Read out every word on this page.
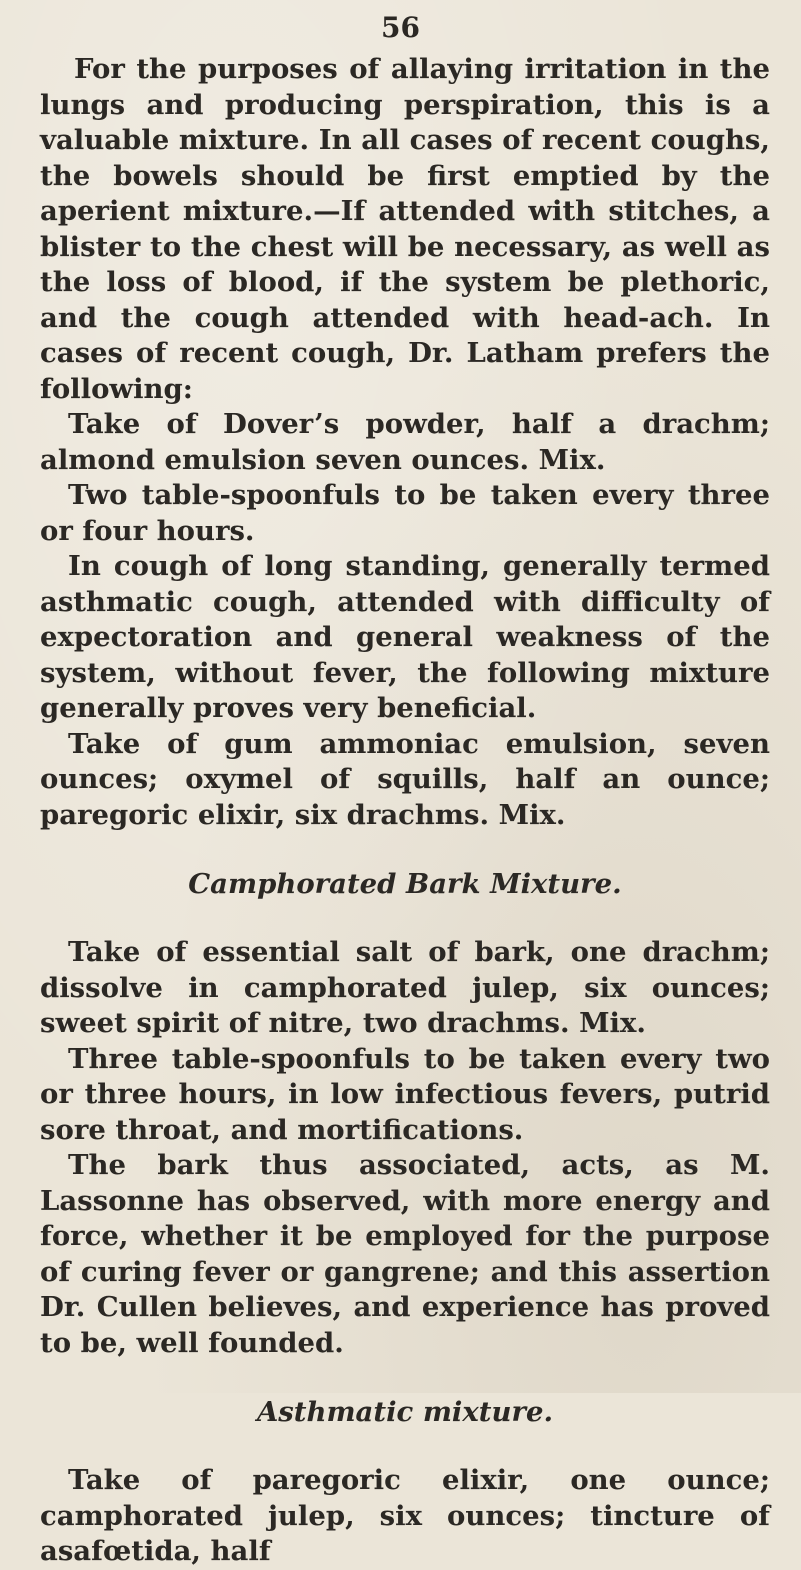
56

For the purposes of allaying irritation in the lungs and producing perspiration, this is a valuable mixture. In all cases of recent coughs, the bowels should be first emptied by the aperient mixture.—If attended with stitches, a blister to the chest will be necessary, as well as the loss of blood, if the system be plethoric, and the cough attended with head-ach. In cases of recent cough, Dr. Latham prefers the following:

Take of Dover’s powder, half a drachm; almond emulsion seven ounces. Mix.

Two table-spoonfuls to be taken every three or four hours.

In cough of long standing, generally termed asthmatic cough, attended with difficulty of expectoration and general weakness of the system, without fever, the following mixture generally proves very beneficial.

Take of gum ammoniac emulsion, seven ounces; oxymel of squills, half an ounce; paregoric elixir, six drachms. Mix.

Camphorated Bark Mixture.

Take of essential salt of bark, one drachm; dissolve in camphorated julep, six ounces; sweet spirit of nitre, two drachms. Mix.

Three table-spoonfuls to be taken every two or three hours, in low infectious fevers, putrid sore throat, and mortifications.

The bark thus associated, acts, as M. Lassonne has observed, with more energy and force, whether it be employed for the purpose of curing fever or gangrene; and this assertion Dr. Cullen believes, and experience has proved to be, well founded.

Asthmatic mixture.

Take of paregoric elixir, one ounce; camphorated julep, six ounces; tincture of asafœtida, half
